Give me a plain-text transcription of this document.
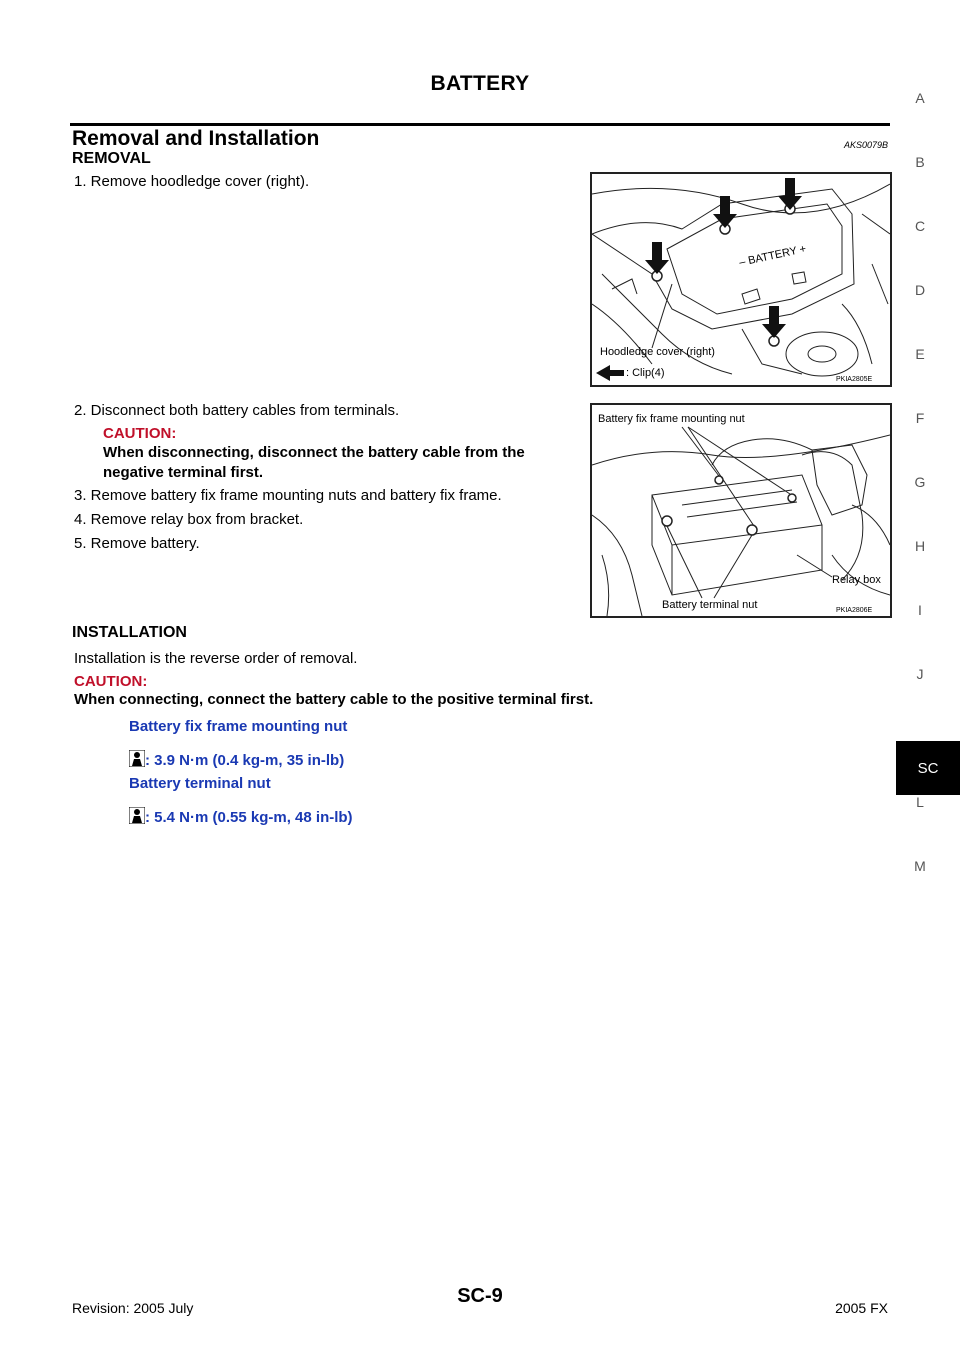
BATTERY
Removal and Installation	AKS0079B
REMOVAL
1. Remove hoodledge cover (right).
– BATTERY +
Hoodledge cover (right)
: Clip(4)
PKIA2805E
2. Disconnect both battery cables from terminals.
CAUTION:
When disconnecting, disconnect the battery cable from the
negative terminal first.
3. Remove battery fix frame mounting nuts and battery fix frame.
4. Remove relay box from bracket.
5. Remove battery.
Battery fix frame mounting nut
Relay box
Battery terminal nut	PKIA2806E
INSTALLATION
Installation is the reverse order of removal.
CAUTION:
When connecting, connect the battery cable to the positive terminal first.
Battery fix frame mounting nut
: 3.9 N·m (0.4 kg-m, 35 in-lb)
Battery terminal nut
: 5.4 N·m (0.55 kg-m, 48 in-lb)
A
B
C
D
E
F
G
H
I
J
SC
L
M
Revision: 2005 July
SC-9
2005 FX
